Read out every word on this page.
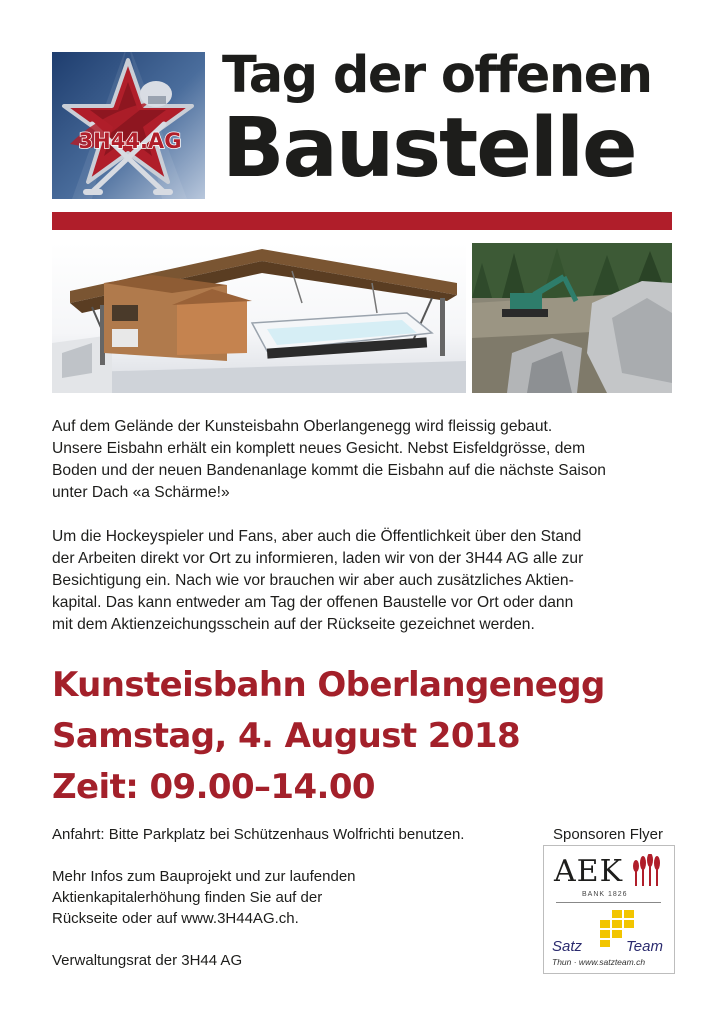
3H44.AG
Tag der offenen
Baustelle

Auf dem Gelände der Kunsteisbahn Oberlangenegg wird fleissig gebaut.
Unsere Eisbahn erhält ein komplett neues Gesicht. Nebst Eisfeldgrösse, dem
Boden und der neuen Bandenanlage kommt die Eisbahn auf die nächste Saison
unter Dach «a Schärme!»

Um die Hockeyspieler und Fans, aber auch die Öffentlichkeit über den Stand
der Arbeiten direkt vor Ort zu informieren, laden wir von der 3H44 AG alle zur
Besichtigung ein. Nach wie vor brauchen wir aber auch zusätzliches Aktien-
kapital. Das kann entweder am Tag der offenen Baustelle vor Ort oder dann
mit dem Aktienzeichungsschein auf der Rückseite gezeichnet werden.

Kunsteisbahn Oberlangenegg
Samstag, 4. August 2018
Zeit: 09.00–14.00

Anfahrt: Bitte Parkplatz bei Schützenhaus Wolfrichti benutzen.

Mehr Infos zum Bauprojekt und zur laufenden
Aktienkapitalerhöhung finden Sie auf der
Rückseite oder auf www.3H44AG.ch.

Verwaltungsrat der 3H44 AG

Sponsoren Flyer
AEK
BANK 1826
Satz	Team
Thun · www.satzteam.ch
